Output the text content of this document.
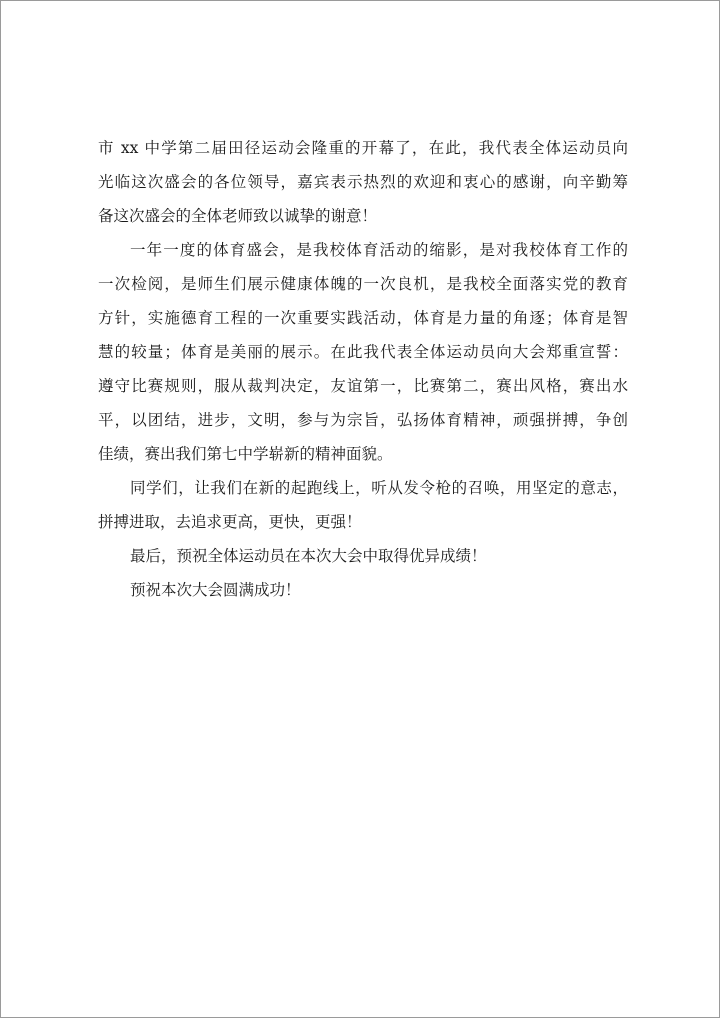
市 xx 中学第二届田径运动会隆重的开幕了，在此，我代表全体运动员向
光临这次盛会的各位领导，嘉宾表示热烈的欢迎和衷心的感谢，向辛勤筹
备这次盛会的全体老师致以诚挚的谢意！
一年一度的体育盛会，是我校体育活动的缩影，是对我校体育工作的
一次检阅，是师生们展示健康体魄的一次良机，是我校全面落实党的教育
方针，实施德育工程的一次重要实践活动，体育是力量的角逐；体育是智
慧的较量；体育是美丽的展示。在此我代表全体运动员向大会郑重宣誓：
遵守比赛规则，服从裁判决定，友谊第一，比赛第二，赛出风格，赛出水
平，以团结，进步，文明，参与为宗旨，弘扬体育精神，顽强拼搏，争创
佳绩，赛出我们第七中学崭新的精神面貌。
同学们，让我们在新的起跑线上，听从发令枪的召唤，用坚定的意志，
拼搏进取，去追求更高，更快，更强！
最后，预祝全体运动员在本次大会中取得优异成绩！
预祝本次大会圆满成功！
